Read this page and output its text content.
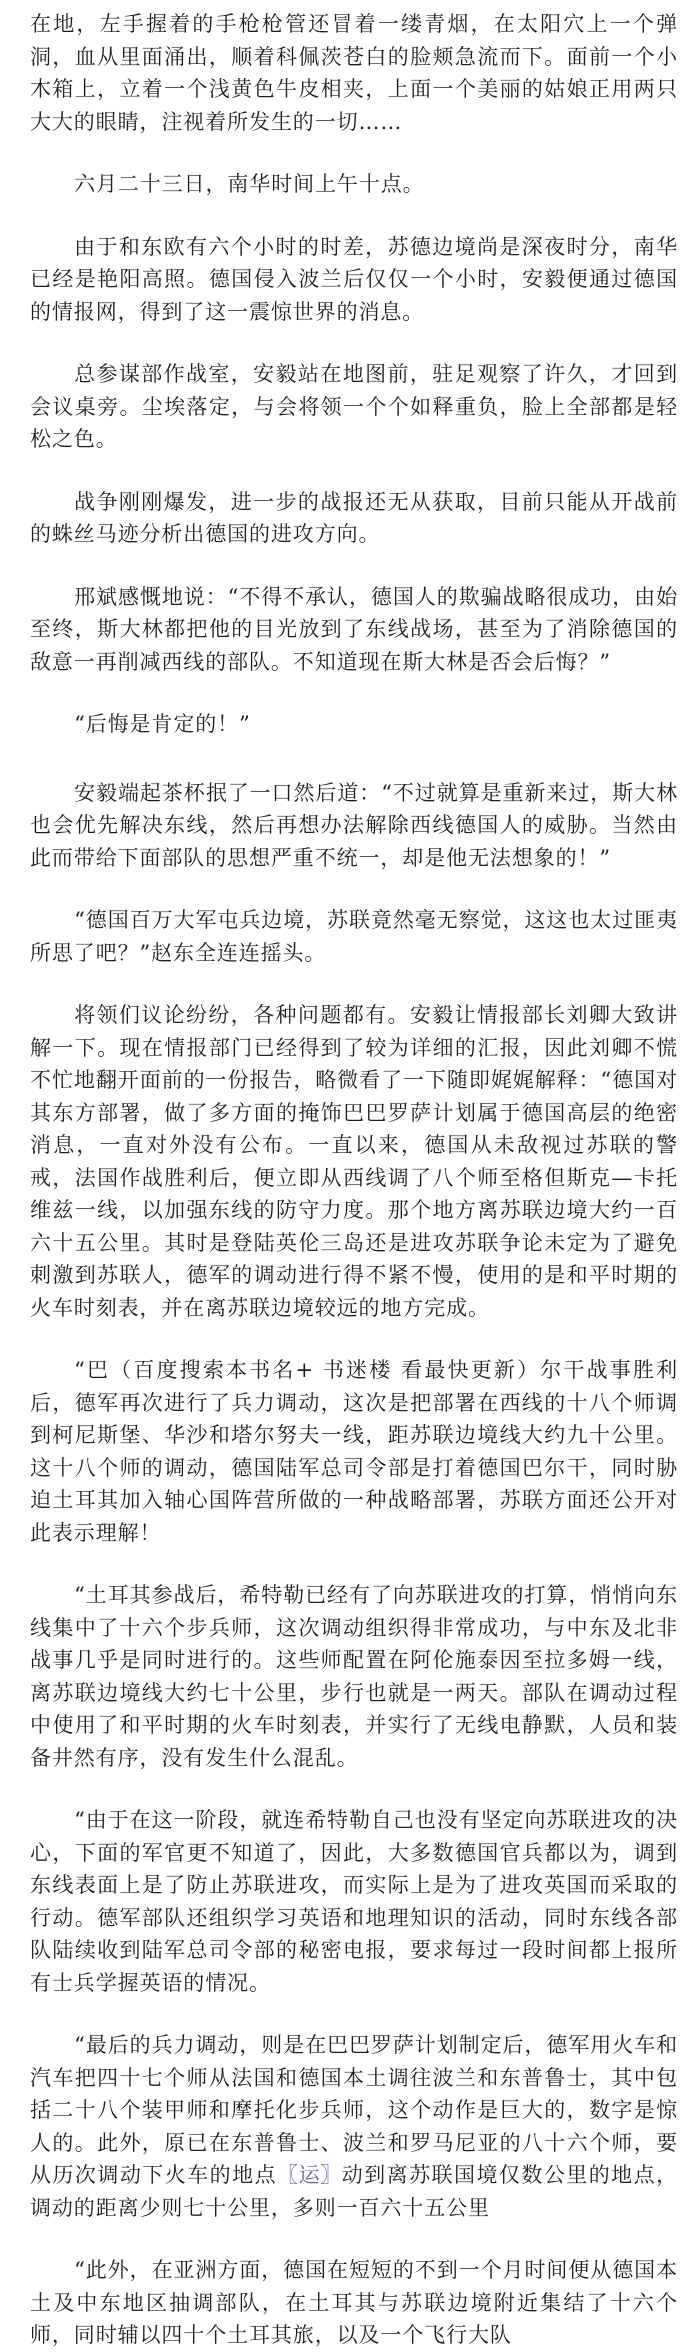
在地，左手握着的手枪枪管还冒着一缕青烟，在太阳穴上一个弹洞，血从里面涌出，顺着科佩茨苍白的脸颊急流而下。面前一个小木箱上，立着一个浅黄色牛皮相夹，上面一个美丽的姑娘正用两只大大的眼睛，注视着所发生的一切……

六月二十三日，南华时间上午十点。

由于和东欧有六个小时的时差，苏德边境尚是深夜时分，南华已经是艳阳高照。德国侵入波兰后仅仅一个小时，安毅便通过德国的情报网，得到了这一震惊世界的消息。

总参谋部作战室，安毅站在地图前，驻足观察了许久，才回到会议桌旁。尘埃落定，与会将领一个个如释重负，脸上全部都是轻松之色。

战争刚刚爆发，进一步的战报还无从获取，目前只能从开战前的蛛丝马迹分析出德国的进攻方向。

邢斌感慨地说：“不得不承认，德国人的欺骗战略很成功，由始至终，斯大林都把他的目光放到了东线战场，甚至为了消除德国的敌意一再削减西线的部队。不知道现在斯大林是否会后悔？”

“后悔是肯定的！”

安毅端起茶杯抿了一口然后道：“不过就算是重新来过，斯大林也会优先解决东线，然后再想办法解除西线德国人的威胁。当然由此而带给下面部队的思想严重不统一，却是他无法想象的！”

“德国百万大军屯兵边境，苏联竟然毫无察觉，这这也太过匪夷所思了吧？”赵东全连连摇头。

将领们议论纷纷，各种问题都有。安毅让情报部长刘卿大致讲解一下。现在情报部门已经得到了较为详细的汇报，因此刘卿不慌不忙地翻开面前的一份报告，略微看了一下随即娓娓解释：“德国对其东方部署，做了多方面的掩饰巴巴罗萨计划属于德国高层的绝密消息，一直对外没有公布。一直以来，德国从未敌视过苏联的警戒，法国作战胜利后，便立即从西线调了八个师至格但斯克—卡托维兹一线，以加强东线的防守力度。那个地方离苏联边境大约一百六十五公里。其时是登陆英伦三岛还是进攻苏联争论未定为了避免刺激到苏联人，德军的调动进行得不紧不慢，使用的是和平时期的火车时刻表，并在离苏联边境较远的地方完成。

“巴（百度搜索本书名+ 书迷楼 看最快更新）尔干战事胜利后，德军再次进行了兵力调动，这次是把部署在西线的十八个师调到柯尼斯堡、华沙和塔尔努夫一线，距苏联边境线大约九十公里。这十八个师的调动，德国陆军总司令部是打着德国巴尔干，同时胁迫土耳其加入轴心国阵营所做的一种战略部署，苏联方面还公开对此表示理解！

“土耳其参战后，希特勒已经有了向苏联进攻的打算，悄悄向东线集中了十六个步兵师，这次调动组织得非常成功，与中东及北非战事几乎是同时进行的。这些师配置在阿伦施泰因至拉多姆一线，离苏联边境线大约七十公里，步行也就是一两天。部队在调动过程中使用了和平时期的火车时刻表，并实行了无线电静默，人员和装备井然有序，没有发生什么混乱。

“由于在这一阶段，就连希特勒自己也没有坚定向苏联进攻的决心，下面的军官更不知道了，因此，大多数德国官兵都以为，调到东线表面上是了防止苏联进攻，而实际上是为了进攻英国而采取的行动。德军部队还组织学习英语和地理知识的活动，同时东线各部队陆续收到陆军总司令部的秘密电报，要求每过一段时间都上报所有士兵学握英语的情况。

“最后的兵力调动，则是在巴巴罗萨计划制定后，德军用火车和汽车把四十七个师从法国和德国本土调往波兰和东普鲁士，其中包括二十八个装甲师和摩托化步兵师，这个动作是巨大的，数字是惊人的。此外，原已在东普鲁士、波兰和罗马尼亚的八十六个师，要从历次调动下火车的地点〖运〗动到离苏联国境仅数公里的地点，调动的距离少则七十公里，多则一百六十五公里

“此外，在亚洲方面，德国在短短的不到一个月时间便从德国本土及中东地区抽调部队，在土耳其与苏联边境附近集结了十六个师，同时辅以四十个土耳其旅，以及一个飞行大队
